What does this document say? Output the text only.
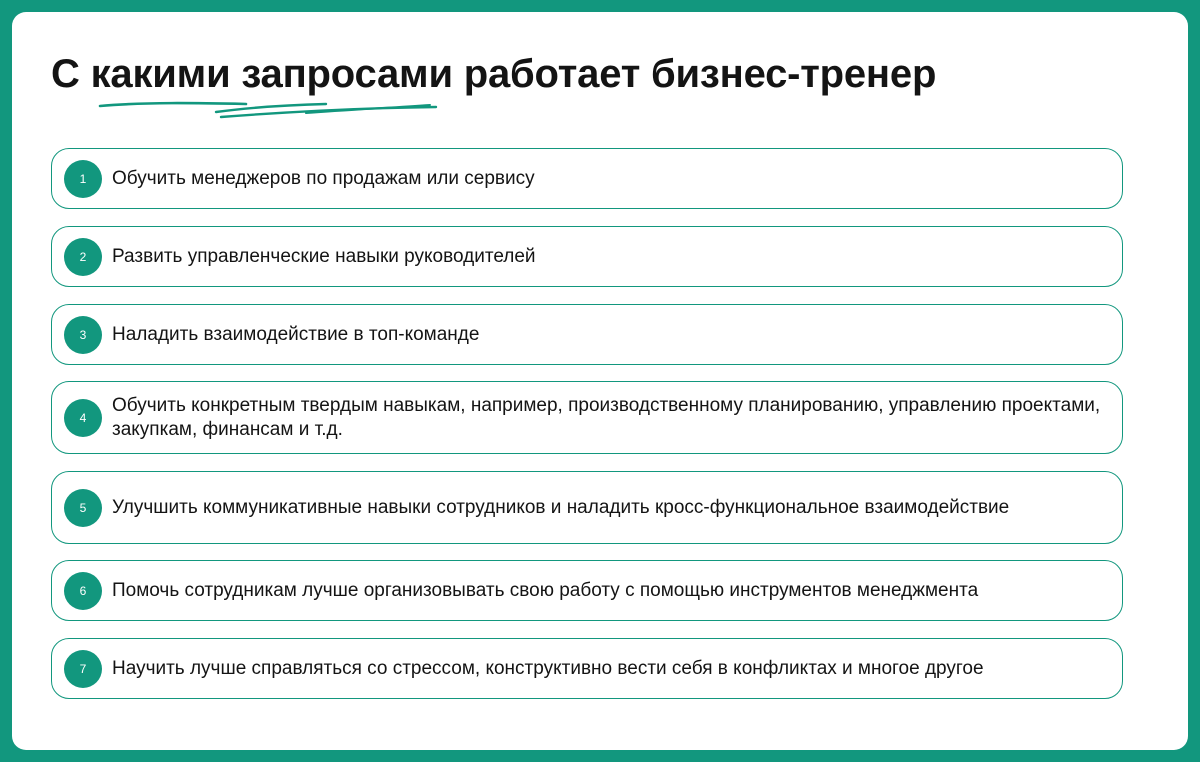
С какими запросами работает бизнес-тренер
1	Обучить менеджеров по продажам или сервису
2	Развить управленческие навыки руководителей
3	Наладить взаимодействие в топ-команде
4
Обучить конкретным твердым навыкам, например, производственному планированию, управлению проектами, закупкам, финансам и т.д.
5	Улучшить коммуникативные навыки сотрудников и наладить кросс-функциональное взаимодействие
6	Помочь сотрудникам лучше организовывать свою работу с помощью инструментов менеджмента
7	Научить лучше справляться со стрессом, конструктивно вести себя в конфликтах и многое другое
